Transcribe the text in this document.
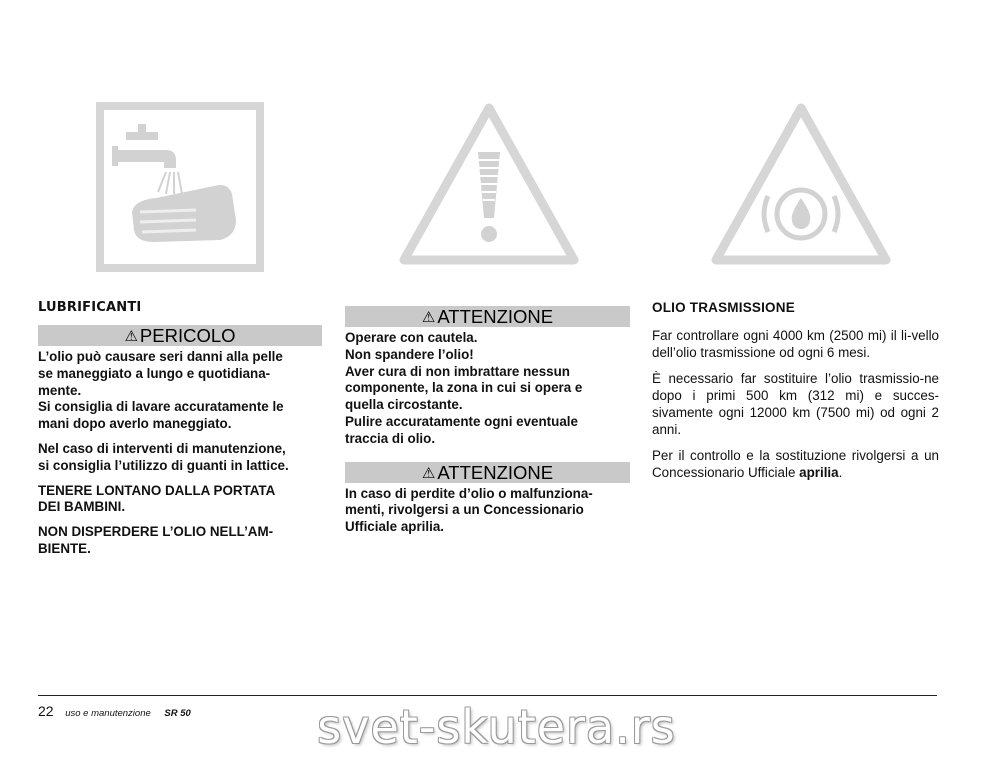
LUBRIFICANTI
⚠ PERICOLO
L’olio può causare seri danni alla pelle
se maneggiato a lungo e quotidiana-
mente.
Si consiglia di lavare accuratamente le
mani dopo averlo maneggiato.
Nel caso di interventi di manutenzione,
si consiglia l’utilizzo di guanti in lattice.
TENERE LONTANO DALLA PORTATA
DEI BAMBINI.
NON DISPERDERE L’OLIO NELL’AM-
BIENTE.
⚠ ATTENZIONE
Operare con cautela.
Non spandere l’olio!
Aver cura di non imbrattare nessun
componente, la zona in cui si opera e
quella circostante.
Pulire accuratamente ogni eventuale
traccia di olio.
⚠ ATTENZIONE
In caso di perdite d’olio o malfunziona-
menti, rivolgersi a un Concessionario
Ufficiale aprilia.
OLIO TRASMISSIONE
Far controllare ogni 4000 km (2500 mi) il li-vello dell’olio trasmissione od ogni 6 mesi.
È necessario far sostituire l’olio trasmissio-ne dopo i primi 500 km (312 mi) e succes-sivamente ogni 12000 km (7500 mi) od ogni 2 anni.
Per il controllo e la sostituzione rivolgersi a un Concessionario Ufficiale aprilia.
22 uso e manutenzione SR 50	svet-skutera.rs
